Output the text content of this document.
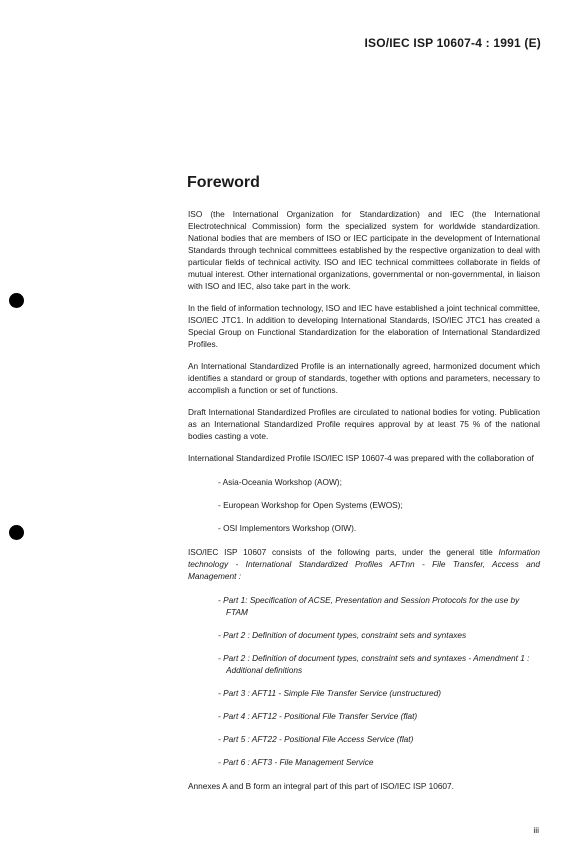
ISO/IEC ISP 10607-4 : 1991 (E)
Foreword

ISO (the International Organization for Standardization) and IEC (the International Electrotechnical Commission) form the specialized system for worldwide standardization. National bodies that are members of ISO or IEC participate in the development of International Standards through technical committees established by the respective organization to deal with particular fields of technical activity. ISO and IEC technical committees collaborate in fields of mutual interest. Other international organizations, governmental or non-governmental, in liaison with ISO and IEC, also take part in the work.

In the field of information technology, ISO and IEC have established a joint technical committee, ISO/IEC JTC1. In addition to developing International Standards, ISO/IEC JTC1 has created a Special Group on Functional Standardization for the elaboration of International Standardized Profiles.

An International Standardized Profile is an internationally agreed, harmonized document which identifies a standard or group of standards, together with options and parameters, necessary to accomplish a function or set of functions.

Draft International Standardized Profiles are circulated to national bodies for voting. Publication as an International Standardized Profile requires approval by at least 75 % of the national bodies casting a vote.

International Standardized Profile ISO/IEC ISP 10607-4 was prepared with the collaboration of

- Asia-Oceania Workshop (AOW);
- European Workshop for Open Systems (EWOS);
- OSI Implementors Workshop (OIW).

ISO/IEC ISP 10607 consists of the following parts, under the general title Information technology - International Standardized Profiles AFTnn - File Transfer, Access and Management :

- Part 1: Specification of ACSE, Presentation and Session Protocols for the use by FTAM
- Part 2 : Definition of document types, constraint sets and syntaxes
- Part 2 : Definition of document types, constraint sets and syntaxes - Amendment 1 : Additional definitions
- Part 3 : AFT11 - Simple File Transfer Service (unstructured)
- Part 4 : AFT12 - Positional File Transfer Service (flat)
- Part 5 : AFT22 - Positional File Access Service (flat)
- Part 6 : AFT3 - File Management Service

Annexes A and B form an integral part of this part of ISO/IEC ISP 10607.

iii
